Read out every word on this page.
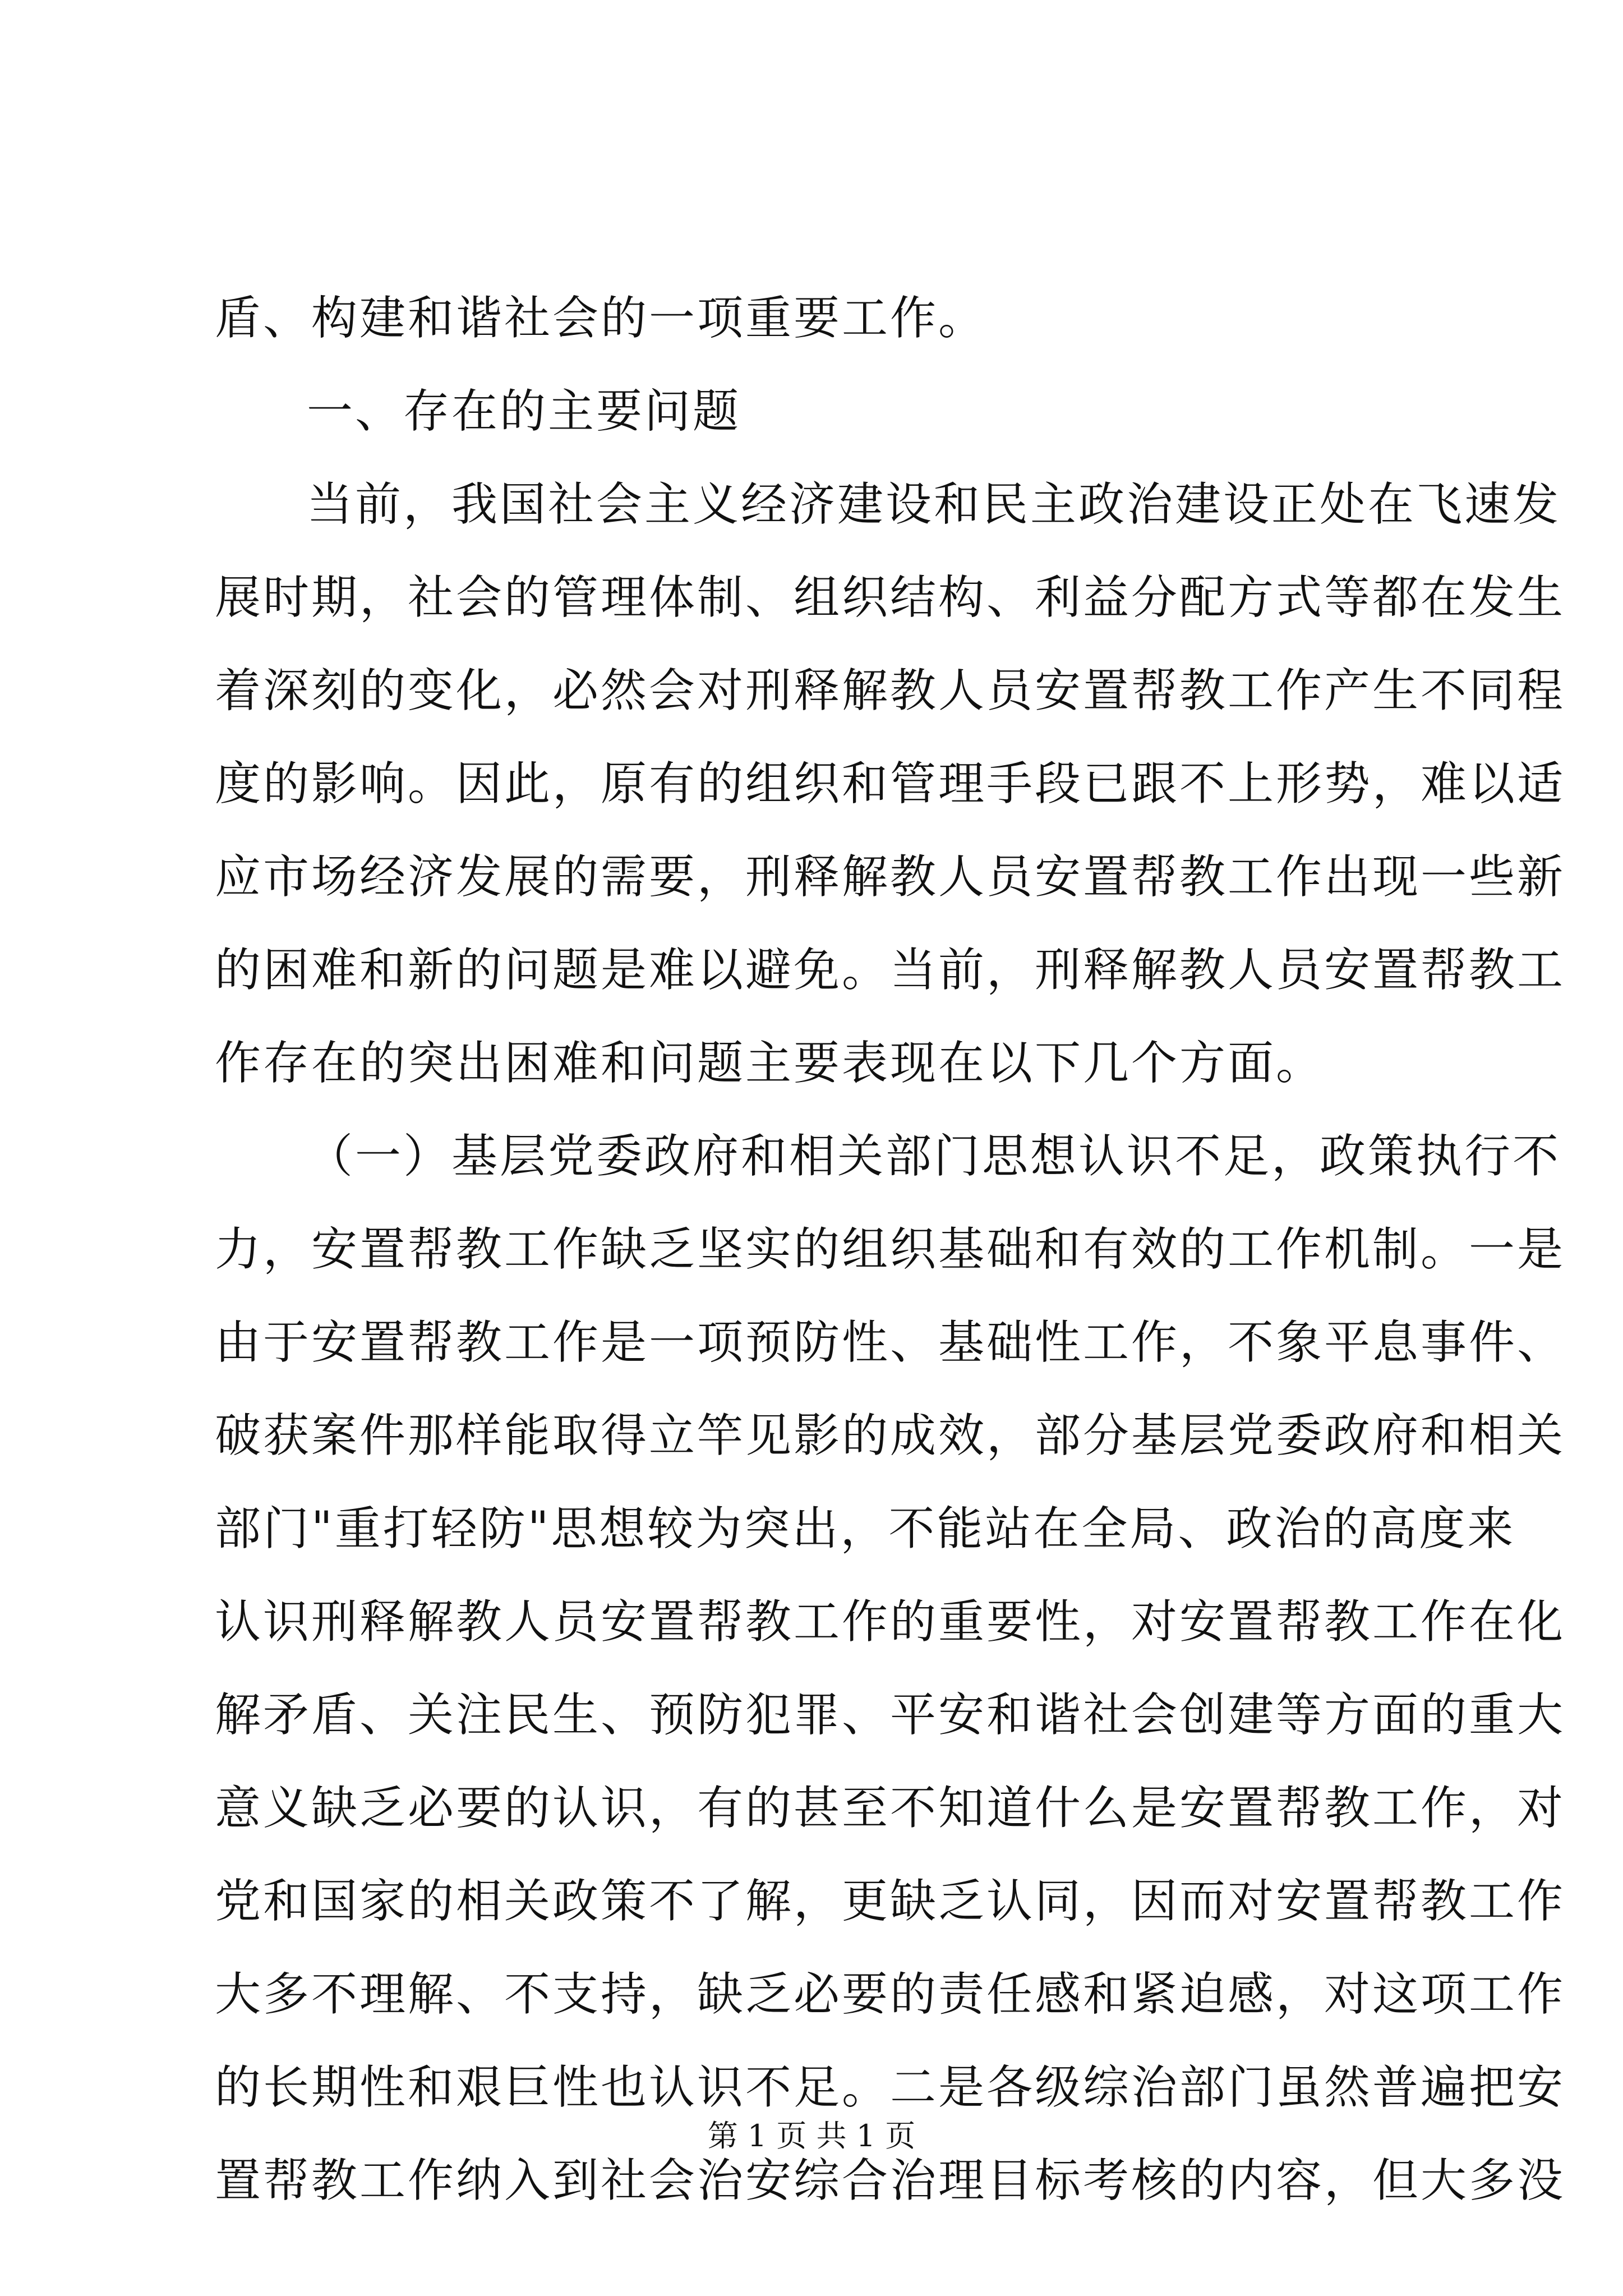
盾、构建和谐社会的一项重要工作。
一、存在的主要问题
当前，我国社会主义经济建设和民主政治建设正处在飞速发
展时期，社会的管理体制、组织结构、利益分配方式等都在发生
着深刻的变化，必然会对刑释解教人员安置帮教工作产生不同程
度的影响。因此，原有的组织和管理手段已跟不上形势，难以适
应市场经济发展的需要，刑释解教人员安置帮教工作出现一些新
的困难和新的问题是难以避免。当前，刑释解教人员安置帮教工
作存在的突出困难和问题主要表现在以下几个方面。
（一）基层党委政府和相关部门思想认识不足，政策执行不
力，安置帮教工作缺乏坚实的组织基础和有效的工作机制。一是
由于安置帮教工作是一项预防性、基础性工作，不象平息事件、
破获案件那样能取得立竿见影的成效，部分基层党委政府和相关
部门"重打轻防"思想较为突出，不能站在全局、政治的高度来
认识刑释解教人员安置帮教工作的重要性，对安置帮教工作在化
解矛盾、关注民生、预防犯罪、平安和谐社会创建等方面的重大
意义缺乏必要的认识，有的甚至不知道什么是安置帮教工作，对
党和国家的相关政策不了解，更缺乏认同，因而对安置帮教工作
大多不理解、不支持，缺乏必要的责任感和紧迫感，对这项工作
的长期性和艰巨性也认识不足。二是各级综治部门虽然普遍把安
置帮教工作纳入到社会治安综合治理目标考核的内容，但大多没
第 1 页 共 1 页
